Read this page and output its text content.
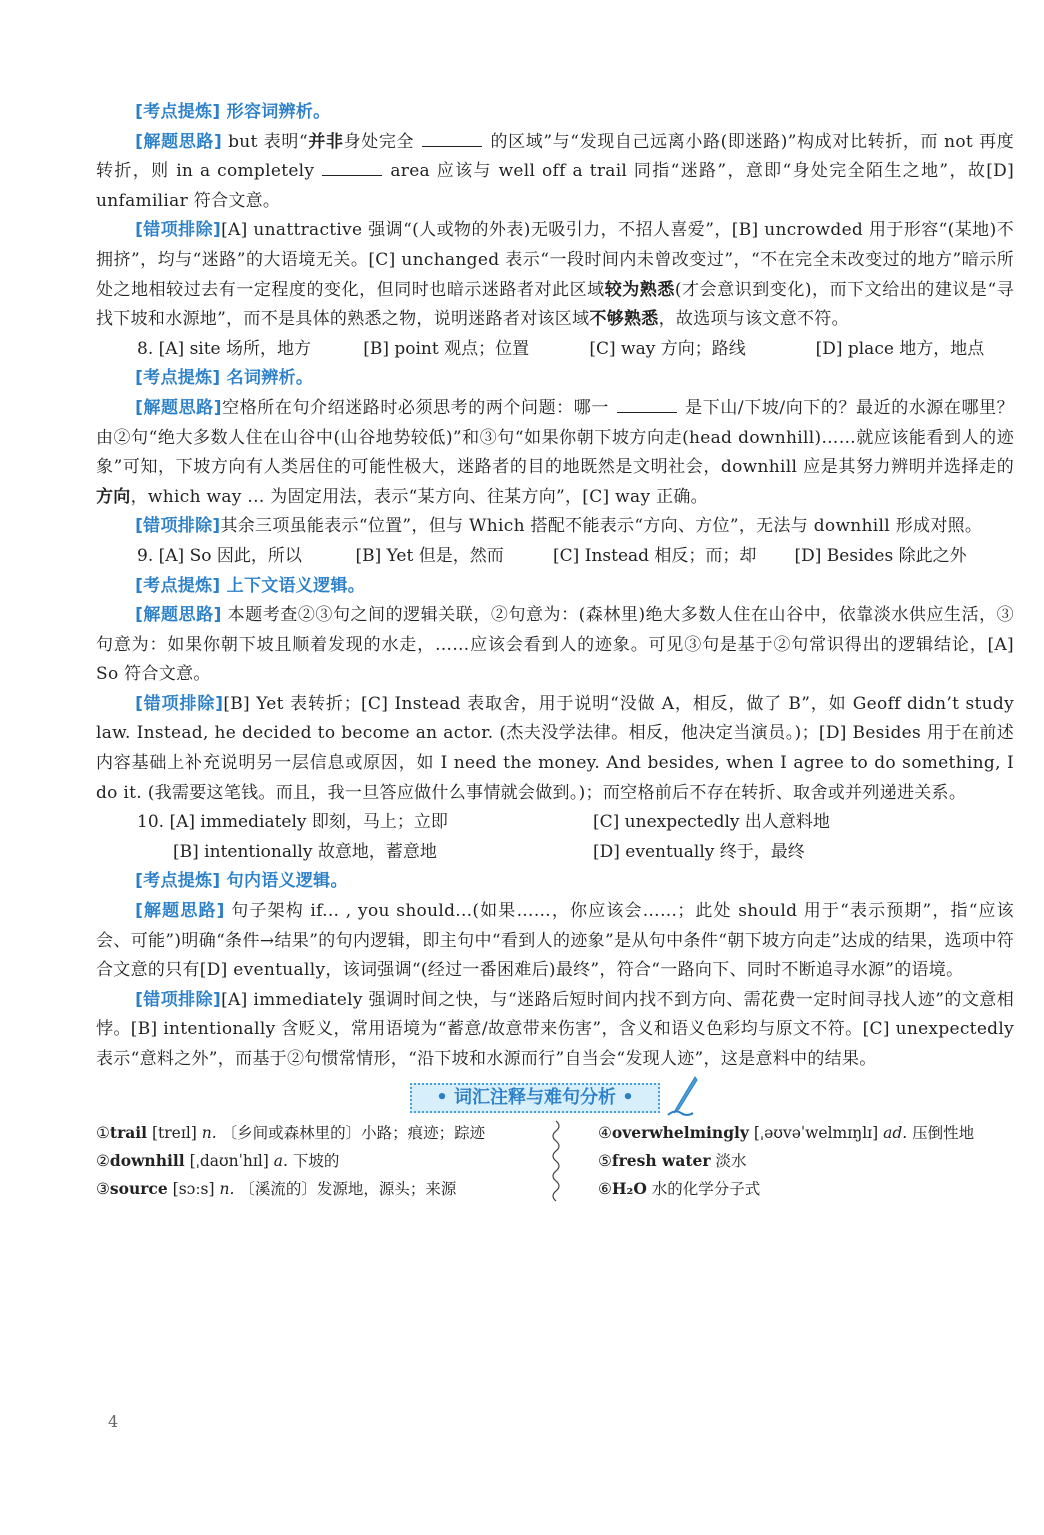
[考点提炼] 形容词辨析。

[解题思路] but 表明“并非身处完全	的区域”与“发现自己远离小路(即迷路)”构成对比转折，而 not 再度转折，则 in a completely	area 应该与 well off a trail 同指“迷路”，意即“身处完全陌生之地”，故[D] unfamiliar 符合文意。

[错项排除][A] unattractive 强调“(人或物的外表)无吸引力，不招人喜爱”，[B] uncrowded 用于形容“(某地)不拥挤”，均与“迷路”的大语境无关。[C] unchanged 表示“一段时间内未曾改变过”，“不在完全未改变过的地方”暗示所处之地相较过去有一定程度的变化，但同时也暗示迷路者对此区域较为熟悉(才会意识到变化)，而下文给出的建议是“寻找下坡和水源地”，而不是具体的熟悉之物，说明迷路者对该区域不够熟悉，故选项与该文意不符。

8. [A] site 场所，地方	[B] point 观点；位置	[C] way 方向；路线	[D] place 地方，地点

[考点提炼] 名词辨析。

[解题思路]空格所在句介绍迷路时必须思考的两个问题：哪一	是下山/下坡/向下的？最近的水源在哪里？由②句“绝大多数人住在山谷中(山谷地势较低)”和③句“如果你朝下坡方向走(head downhill)……就应该能看到人的迹象”可知，下坡方向有人类居住的可能性极大，迷路者的目的地既然是文明社会，downhill 应是其努力辨明并选择走的方向，which way ... 为固定用法，表示“某方向、往某方向”，[C] way 正确。

[错项排除]其余三项虽能表示“位置”，但与 Which 搭配不能表示“方向、方位”，无法与 downhill 形成对照。

9. [A] So 因此，所以	[B] Yet 但是，然而	[C] Instead 相反；而；却	[D] Besides 除此之外

[考点提炼] 上下文语义逻辑。

[解题思路] 本题考查②③句之间的逻辑关联，②句意为：(森林里)绝大多数人住在山谷中，依靠淡水供应生活，③句意为：如果你朝下坡且顺着发现的水走，……应该会看到人的迹象。可见③句是基于②句常识得出的逻辑结论，[A] So 符合文意。

[错项排除][B] Yet 表转折；[C] Instead 表取舍，用于说明“没做 A，相反，做了 B”，如 Geoff didn’t study law. Instead, he decided to become an actor. (杰夫没学法律。相反，他决定当演员。)；[D] Besides 用于在前述内容基础上补充说明另一层信息或原因，如 I need the money. And besides, when I agree to do something, I do it. (我需要这笔钱。而且，我一旦答应做什么事情就会做到。)；而空格前后不存在转折、取舍或并列递进关系。

10. [A] immediately 即刻，马上；立即	[C] unexpectedly 出人意料地
[B] intentionally 故意地，蓄意地	[D] eventually 终于，最终

[考点提炼] 句内语义逻辑。

[解题思路] 句子架构 if... , you should...(如果……，你应该会……；此处 should 用于“表示预期”，指“应该会、可能”)明确“条件→结果”的句内逻辑，即主句中“看到人的迹象”是从句中条件“朝下坡方向走”达成的结果，选项中符合文意的只有[D] eventually，该词强调“(经过一番困难后)最终”，符合“一路向下、同时不断追寻水源”的语境。

[错项排除][A] immediately 强调时间之快，与“迷路后短时间内找不到方向、需花费一定时间寻找人迹”的文意相悖。[B] intentionally 含贬义，常用语境为“蓄意/故意带来伤害”，含义和语义色彩均与原文不符。[C] unexpectedly 表示“意料之外”，而基于②句惯常情形，“沿下坡和水源而行”自当会“发现人迹”，这是意料中的结果。

• 词汇注释与难句分析 •
①trail [treɪl] n. 〔乡间或森林里的〕小路；痕迹；踪迹
②downhill [ˌdaʊnˈhɪl] a. 下坡的
③source [sɔːs] n. 〔溪流的〕发源地，源头；来源
④overwhelmingly [ˌəʊvəˈwelmɪŋlɪ] ad. 压倒性地
⑤fresh water 淡水
⑥H₂O 水的化学分子式
4
